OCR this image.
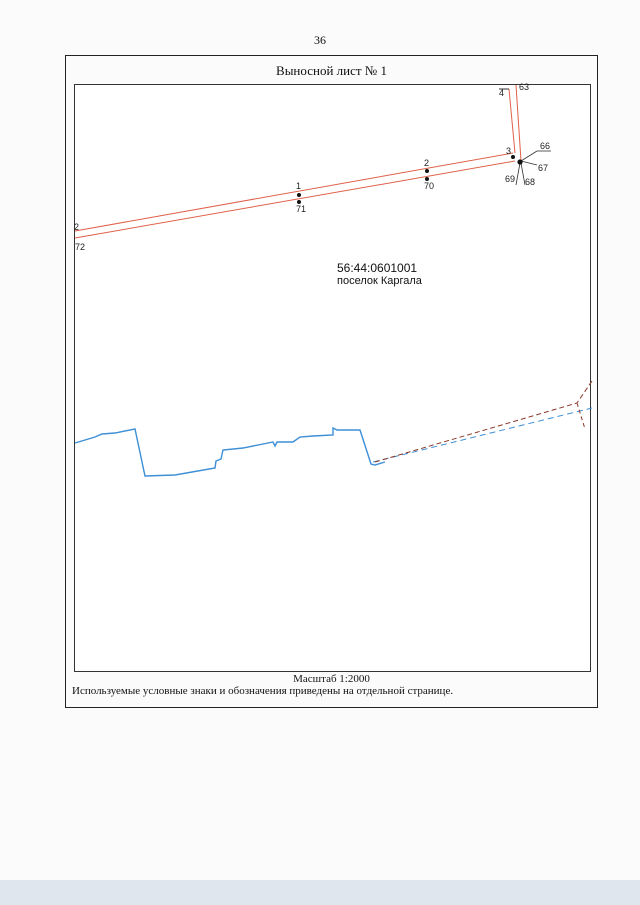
36
Выносной лист № 1
1
71
2
70
3
4
63
66
67
68
69
2
72
56:44:0601001
поселок Каргала
Масштаб 1:2000
Используемые условные знаки и обозначения приведены на отдельной странице.
